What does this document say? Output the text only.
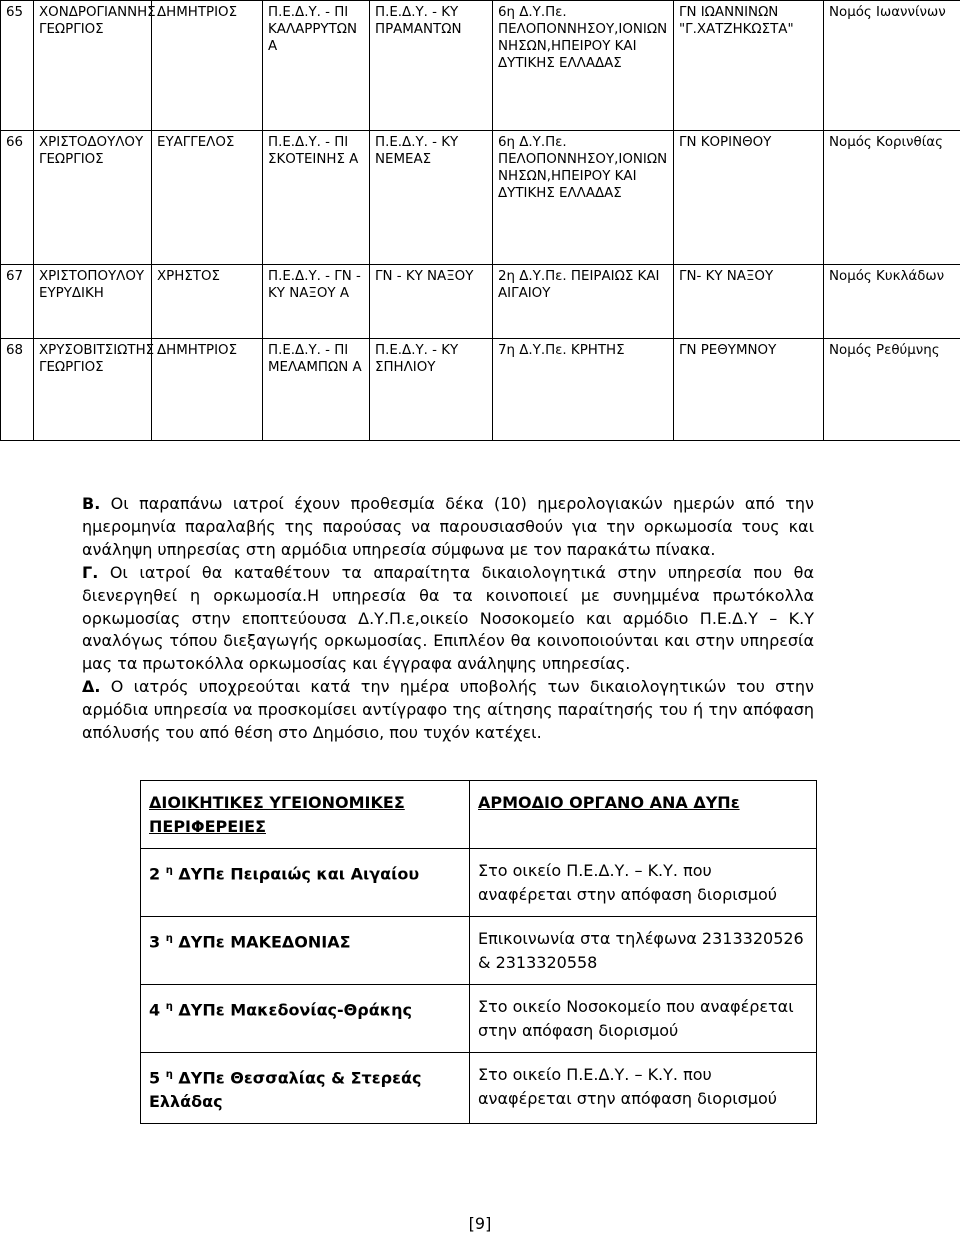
65	ΧΟΝΔΡΟΓΙΑΝΝΗΣ ΓΕΩΡΓΙΟΣ	ΔΗΜΗΤΡΙΟΣ	Π.Ε.Δ.Υ. - ΠΙ ΚΑΛΑΡΡΥΤΩΝ Α	Π.Ε.Δ.Υ. - ΚΥ ΠΡΑΜΑΝΤΩΝ	6η Δ.Υ.Πε. ΠΕΛΟΠΟΝΝΗΣΟΥ,ΙΟΝΙΩΝ ΝΗΣΩΝ,ΗΠΕΙΡΟΥ ΚΑΙ ΔΥΤΙΚΗΣ ΕΛΛΑΔΑΣ	ΓΝ ΙΩΑΝΝΙΝΩΝ "Γ.ΧΑΤΖΗΚΩΣΤΑ"	Νομός Ιωαννίνων
66	ΧΡΙΣΤΟΔΟΥΛΟΥ ΓΕΩΡΓΙΟΣ	ΕΥΑΓΓΕΛΟΣ	Π.Ε.Δ.Υ. - ΠΙ ΣΚΟΤΕΙΝΗΣ Α	Π.Ε.Δ.Υ. - ΚΥ ΝΕΜΕΑΣ	6η Δ.Υ.Πε. ΠΕΛΟΠΟΝΝΗΣΟΥ,ΙΟΝΙΩΝ ΝΗΣΩΝ,ΗΠΕΙΡΟΥ ΚΑΙ ΔΥΤΙΚΗΣ ΕΛΛΑΔΑΣ	ΓΝ ΚΟΡΙΝΘΟΥ	Νομός Κορινθίας
67	ΧΡΙΣΤΟΠΟΥΛΟΥ ΕΥΡΥΔΙΚΗ	ΧΡΗΣΤΟΣ	Π.Ε.Δ.Υ. - ΓΝ - ΚΥ ΝΑΞΟΥ Α	ΓΝ - ΚΥ ΝΑΞΟΥ	2η Δ.Υ.Πε. ΠΕΙΡΑΙΩΣ ΚΑΙ ΑΙΓΑΙΟΥ	ΓΝ- ΚΥ ΝΑΞΟΥ	Νομός Κυκλάδων
68	ΧΡΥΣΟΒΙΤΣΙΩΤΗΣ ΓΕΩΡΓΙΟΣ	ΔΗΜΗΤΡΙΟΣ	Π.Ε.Δ.Υ. - ΠΙ ΜΕΛΑΜΠΩΝ Α	Π.Ε.Δ.Υ. - ΚΥ ΣΠΗΛΙΟΥ	7η Δ.Υ.Πε. ΚΡΗΤΗΣ	ΓΝ ΡΕΘΥΜΝΟΥ	Νομός Ρεθύμνης

Β. Οι παραπάνω ιατροί έχουν προθεσμία δέκα (10) ημερολογιακών ημερών από την ημερομηνία παραλαβής της παρούσας να παρουσιασθούν για την ορκωμοσία τους και ανάληψη υπηρεσίας στη αρμόδια υπηρεσία σύμφωνα με τον παρακάτω πίνακα.

Γ. Οι ιατροί θα καταθέτουν τα απαραίτητα δικαιολογητικά στην υπηρεσία που θα διενεργηθεί η ορκωμοσία.Η υπηρεσία θα τα κοινοποιεί με συνημμένα πρωτόκολλα ορκωμοσίας στην εποπτεύουσα Δ.Υ.Π.ε,οικείο Νοσοκομείο και αρμόδιο Π.Ε.Δ.Υ – Κ.Υ αναλόγως τόπου διεξαγωγής ορκωμοσίας. Επιπλέον θα κοινοποιούνται και στην υπηρεσία μας τα πρωτοκόλλα ορκωμοσίας και έγγραφα ανάληψης υπηρεσίας.

Δ. Ο ιατρός υποχρεούται κατά την ημέρα υποβολής των δικαιολογητικών του στην αρμόδια υπηρεσία να προσκομίσει αντίγραφο της αίτησης παραίτησής του ή την απόφαση απόλυσής του από θέση στο Δημόσιο, που τυχόν κατέχει.

ΔΙΟΙΚΗΤΙΚΕΣ ΥΓΕΙΟΝΟΜΙΚΕΣ ΠΕΡΙΦΕΡΕΙΕΣ	ΑΡΜΟΔΙΟ ΟΡΓΑΝΟ ΑΝΑ ΔΥΠε
2 $^\eta$ ΔΥΠε Πειραιώς και Αιγαίου	Στο οικείο Π.Ε.Δ.Υ. – Κ.Υ. που αναφέρεται στην απόφαση διορισμού
3 $^\eta$ ΔΥΠε ΜΑΚΕΔΟΝΙΑΣ	Επικοινωνία στα τηλέφωνα 2313320526 & 2313320558
4 $^\eta$ ΔΥΠε Μακεδονίας-Θράκης	Στο οικείο Νοσοκομείο που αναφέρεται στην απόφαση διορισμού
5 $^\eta$ ΔΥΠε Θεσσαλίας & Στερεάς Ελλάδας	Στο οικείο Π.Ε.Δ.Υ. – Κ.Υ. που αναφέρεται στην απόφαση διορισμού
[9]
